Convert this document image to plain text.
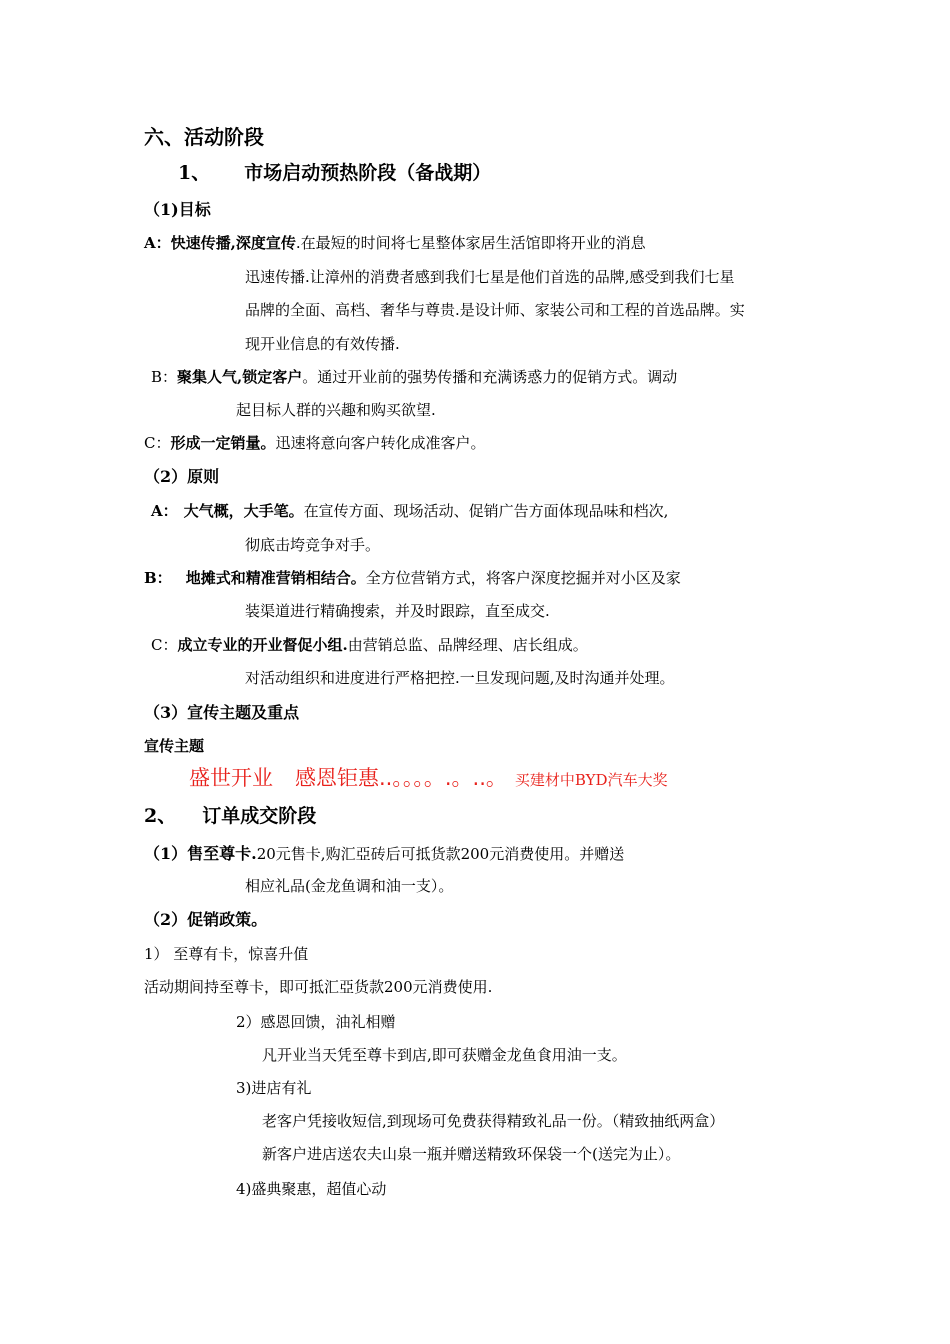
六、活动阶段
1、 市场启动预热阶段（备战期）
（1)目标
A：快速传播,深度宣传.在最短的时间将七星整体家居生活馆即将开业的消息
迅速传播.让漳州的消费者感到我们七星是他们首选的品牌,感受到我们七星
品牌的全面、高档、奢华与尊贵.是设计师、家装公司和工程的首选品牌。实
现开业信息的有效传播.
B：聚集人气,锁定客户。通过开业前的强势传播和充满诱惑力的促销方式。调动
起目标人群的兴趣和购买欲望.
C：形成一定销量。迅速将意向客户转化成准客户。
（2）原则
A： 大气概，大手笔。在宣传方面、现场活动、促销广告方面体现品味和档次,
彻底击垮竞争对手。
B： 地摊式和精准营销相结合。全方位营销方式，将客户深度挖掘并对小区及家
装渠道进行精确搜索，并及时跟踪，直至成交.
C：成立专业的开业督促小组.由营销总监、品牌经理、店长组成。
对活动组织和进度进行严格把控.一旦发现问题,及时沟通并处理。
（3）宣传主题及重点
宣传主题
盛世开业 感恩钜惠..。。。。.。..。 买建材中BYD汽车大奖
2、 订单成交阶段
（1）售至尊卡.20元售卡,购汇亞砖后可抵货款200元消费使用。并赠送
相应礼品(金龙鱼调和油一支）。
（2）促销政策。
1） 至尊有卡，惊喜升值
活动期间持至尊卡，即可抵汇亞货款200元消费使用.
2）感恩回馈，油礼相赠
凡开业当天凭至尊卡到店,即可获赠金龙鱼食用油一支。
3)进店有礼
老客户凭接收短信,到现场可免费获得精致礼品一份。（精致抽纸两盒）
新客户进店送农夫山泉一瓶并赠送精致环保袋一个(送完为止）。
4)盛典聚惠，超值心动
